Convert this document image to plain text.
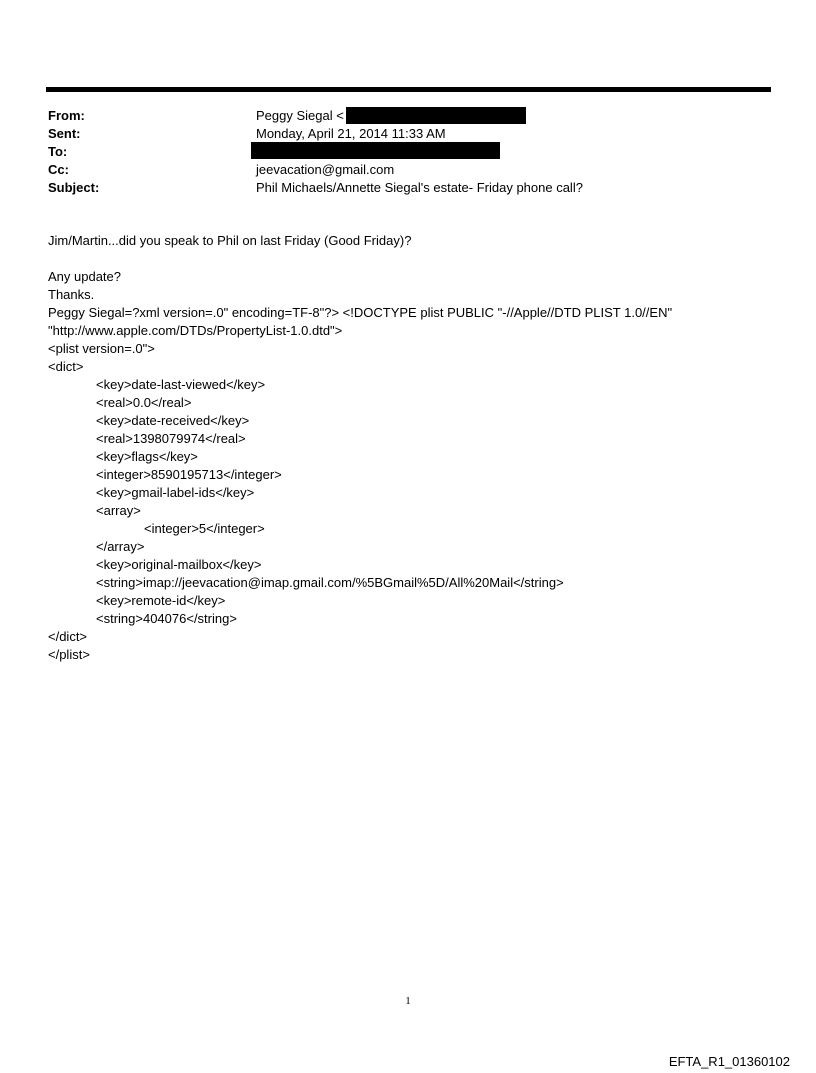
From:	Peggy Siegal <
Sent:	Monday, April 21, 2014 11:33 AM
To:
Cc:	jeevacation@gmail.com
Subject:	Phil Michaels/Annette Siegal's estate- Friday phone call?
Jim/Martin...did you speak to Phil on last Friday (Good Friday)?
Any update?
Thanks.
Peggy Siegal=?xml version=.0" encoding=TF-8"?> <!DOCTYPE plist PUBLIC "-//Apple//DTD PLIST 1.0//EN"
"http://www.apple.com/DTDs/PropertyList-1.0.dtd">
<plist version=.0">
<dict>
<key>date-last-viewed</key>
<real>0.0</real>
<key>date-received</key>
<real>1398079974</real>
<key>flags</key>
<integer>8590195713</integer>
<key>gmail-label-ids</key>
<array>
<integer>5</integer>
</array>
<key>original-mailbox</key>
<string>imap://jeevacation@imap.gmail.com/%5BGmail%5D/All%20Mail</string>
<key>remote-id</key>
<string>404076</string>
</dict>
</plist>
1
EFTA_R1_01360102
